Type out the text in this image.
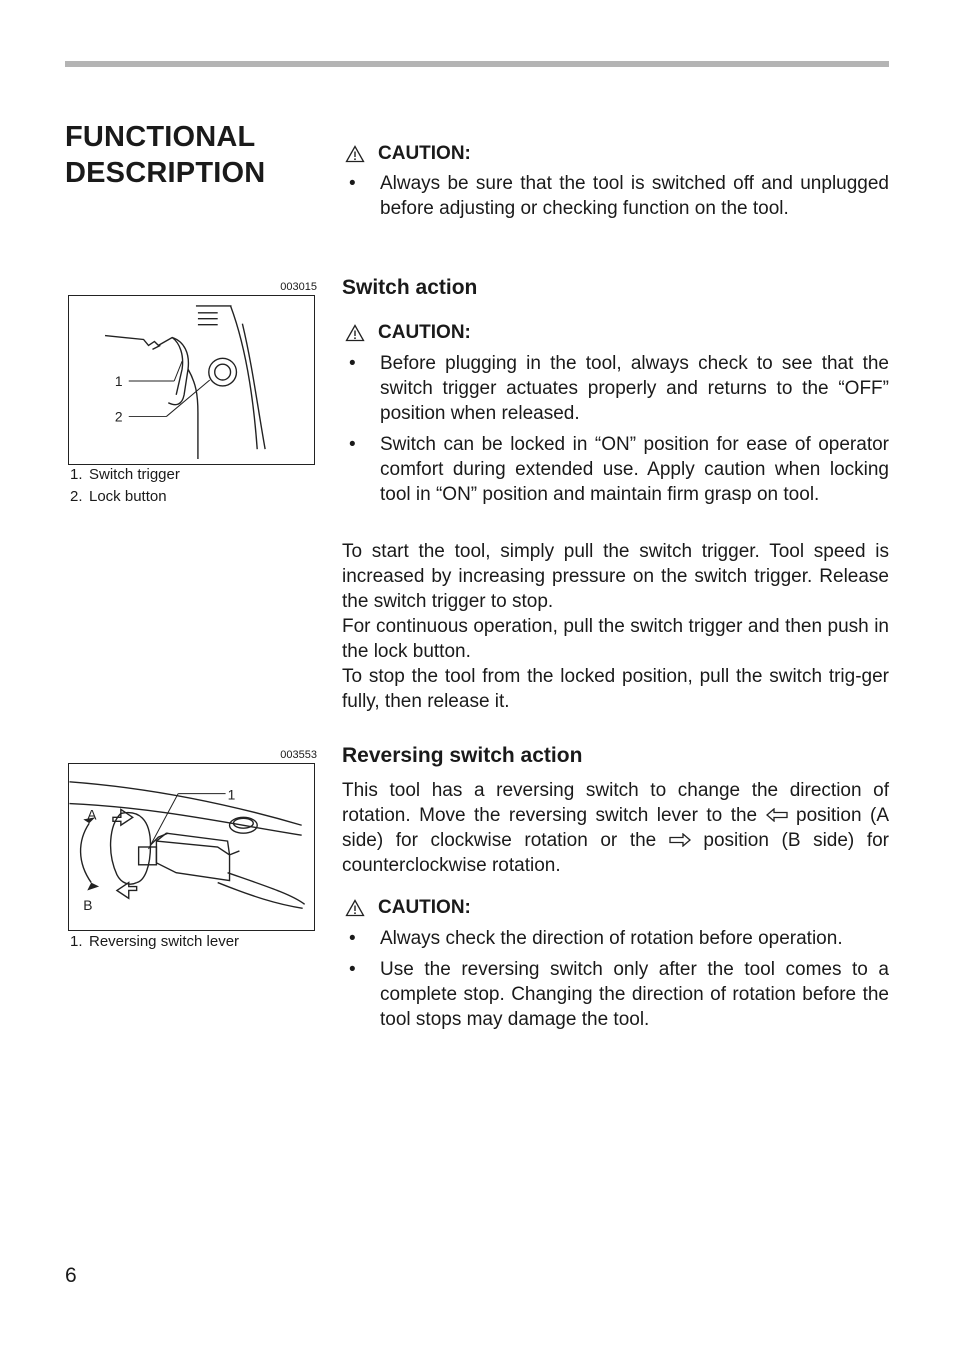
FUNCTIONAL
DESCRIPTION
CAUTION:
• Always be sure that the tool is switched off and unplugged before adjusting or checking function on the tool.
Switch action
CAUTION:
• Before plugging in the tool, always check to see that the switch trigger actuates properly and returns to the “OFF” position when released.
• Switch can be locked in “ON” position for ease of operator comfort during extended use. Apply caution when locking tool in “ON” position and maintain firm grasp on tool.

To start the tool, simply pull the switch trigger. Tool speed is increased by increasing pressure on the switch trigger. Release the switch trigger to stop.

For continuous operation, pull the switch trigger and then push in the lock button.

To stop the tool from the locked position, pull the switch trig-ger fully, then release it.

Reversing switch action

This tool has a reversing switch to change the direction of rotation. Move the reversing switch lever to the position (A side) for clockwise rotation or the position (B side) for counterclockwise rotation.

CAUTION:
• Always check the direction of rotation before operation.
• Use the reversing switch only after the tool comes to a complete stop. Changing the direction of rotation before the tool stops may damage the tool.
003015
1
2
1. Switch trigger
2. Lock button
003553
1
A
B
1. Reversing switch lever
6
